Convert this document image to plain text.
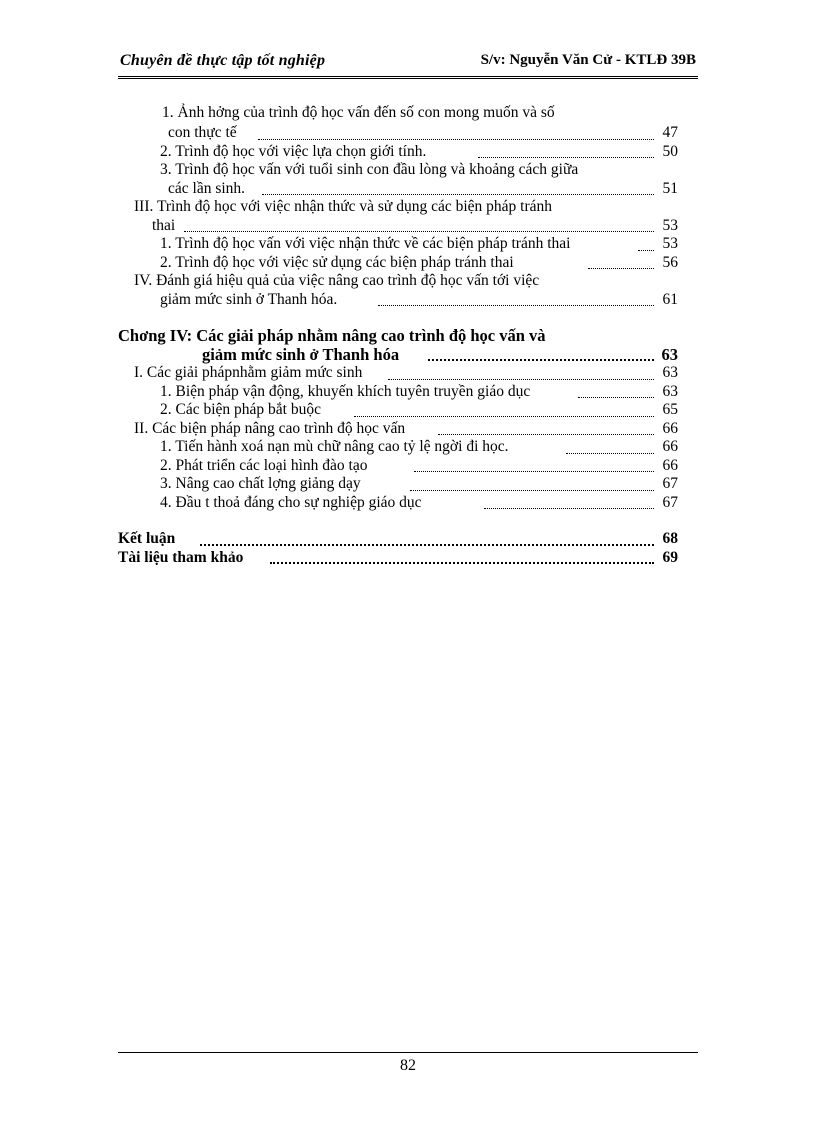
Chuyên đề thực tập tốt nghiệp	S/v: Nguyễn Văn Cử - KTLĐ 39B
1. Ảnh hởng của trình độ học vấn đến số con mong muốn và số
con thực tế	47
2. Trình độ học với việc lựa chọn giới tính.	50
3. Trình độ học vấn với tuổi sinh con đầu lòng và khoảng cách giữa
các lần sinh.	51
III. Trình độ học với việc nhận thức và sử dụng các biện pháp tránh
thai	53
1. Trình độ học vấn với việc nhận thức về các biện pháp tránh thai	53
2. Trình độ học với việc sử dụng các biện pháp tránh thai	56
IV. Đánh giá hiệu quả của việc nâng cao trình độ học vấn tới việc
giảm mức sinh ở Thanh hóa.	61
Chơng IV: Các giải pháp nhằm nâng cao trình độ học vấn và
giảm mức sinh ở Thanh hóa	63
I. Các giải phápnhằm giảm mức sinh	63
1. Biện pháp vận động, khuyến khích tuyên truyền giáo dục	63
2. Các biện pháp bắt buộc	65
II. Các biện pháp nâng cao trình độ học vấn	66
1. Tiến hành xoá nạn mù chữ nâng cao tỷ lệ ngời đi học.	66
2. Phát triển các loại hình đào tạo	66
3. Nâng cao chất lợng giảng dạy	67
4. Đầu t thoả đáng cho sự nghiệp giáo dục	67
Kết luận	68
Tài liệu tham khảo	69
82
